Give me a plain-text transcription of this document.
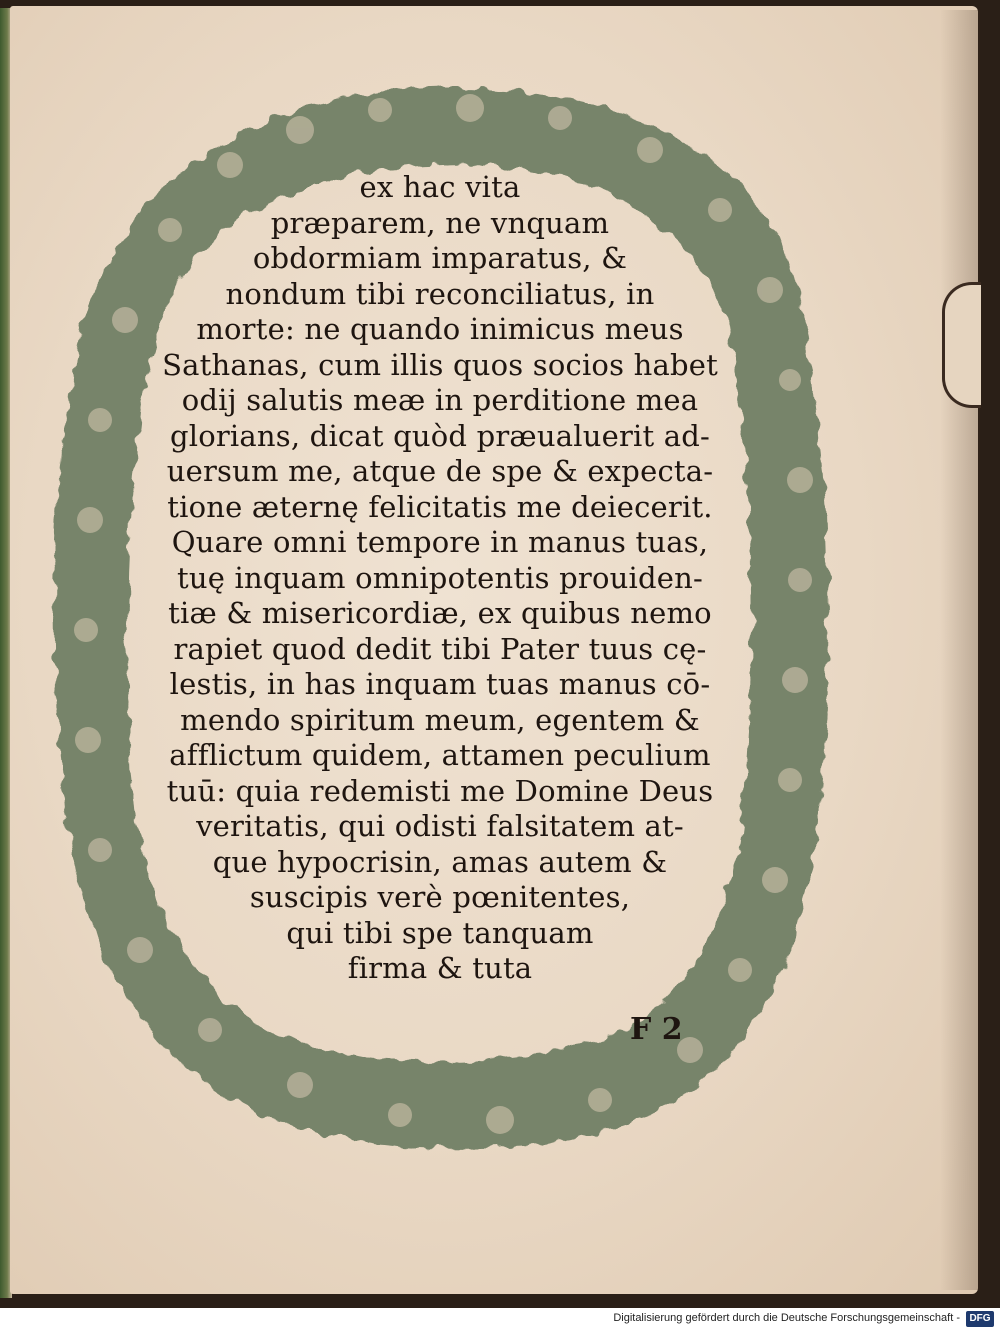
ex hac vita
præparem, ne vnquam
obdormiam imparatus, &
nondum tibi reconciliatus, in
morte: ne quando inimicus meus
Sathanas, cum illis quos socios habet
odij salutis meæ in perditione mea
glorians, dicat quòd præualuerit ad-
uersum me, atque de spe & expecta-
tione æternę felicitatis me deiecerit.
Quare omni tempore in manus tuas,
tuę inquam omnipotentis prouiden-
tiæ & misericordiæ, ex quibus nemo
rapiet quod dedit tibi Pater tuus cę-
lestis, in has inquam tuas manus cō-
mendo spiritum meum, egentem &
afflictum quidem, attamen peculium
tuū: quia redemisti me Domine Deus
veritatis, qui odisti falsitatem at-
que hypocrisin, amas autem &
suscipis verè pœnitentes,
qui tibi spe tanquam
firma & tuta
F 2
Digitalisierung gefördert durch die Deutsche Forschungsgemeinschaft - DFG
